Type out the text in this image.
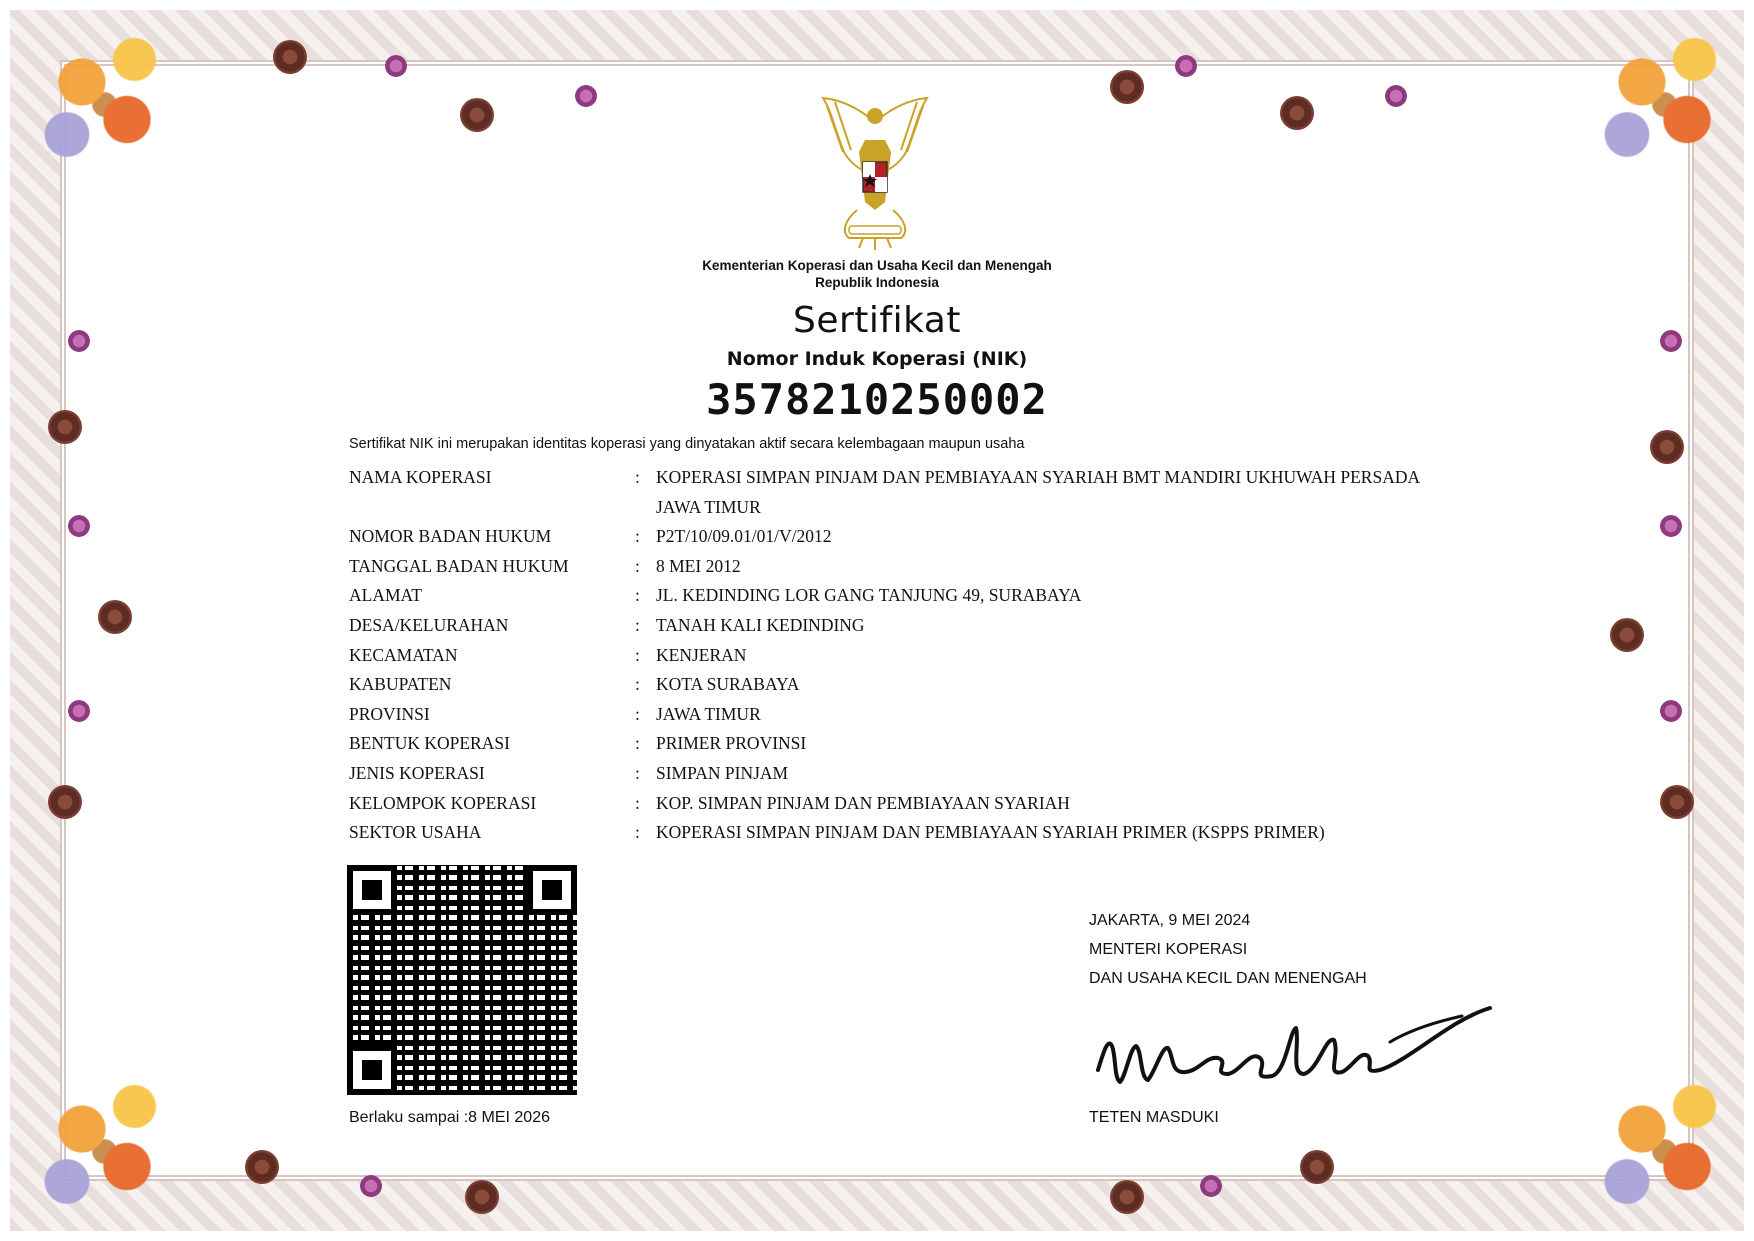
Kementerian Koperasi dan Usaha Kecil dan Menengah
Republik Indonesia
Sertifikat
Nomor Induk Koperasi (NIK)
3578210250002
Sertifikat NIK ini merupakan identitas koperasi yang dinyatakan aktif secara kelembagaan maupun usaha
NAMA KOPERASI	: KOPERASI SIMPAN PINJAM DAN PEMBIAYAAN SYARIAH BMT MANDIRI UKHUWAH PERSADA
JAWA TIMUR
NOMOR BADAN HUKUM	: P2T/10/09.01/01/V/2012
TANGGAL BADAN HUKUM	: 8 MEI 2012
ALAMAT	: JL. KEDINDING LOR GANG TANJUNG 49, SURABAYA
DESA/KELURAHAN	: TANAH KALI KEDINDING
KECAMATAN	: KENJERAN
KABUPATEN	: KOTA SURABAYA
PROVINSI	: JAWA TIMUR
BENTUK KOPERASI	: PRIMER PROVINSI
JENIS KOPERASI	: SIMPAN PINJAM
KELOMPOK KOPERASI	: KOP. SIMPAN PINJAM DAN PEMBIAYAAN SYARIAH
SEKTOR USAHA	: KOPERASI SIMPAN PINJAM DAN PEMBIAYAAN SYARIAH PRIMER (KSPPS PRIMER)
Berlaku sampai :8 MEI 2026
JAKARTA, 9 MEI 2024
MENTERI KOPERASI
DAN USAHA KECIL DAN MENENGAH
TETEN MASDUKI
